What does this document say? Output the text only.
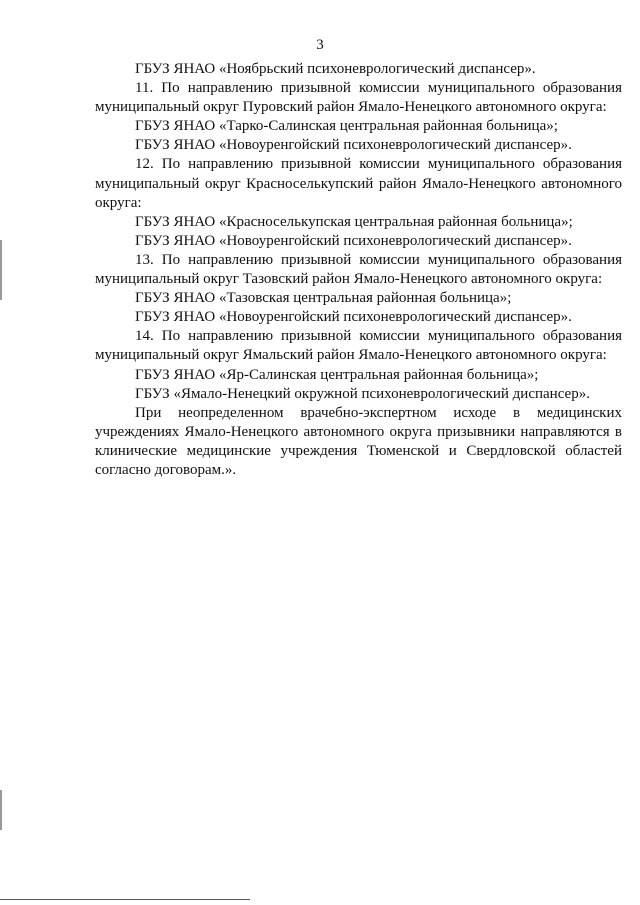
3

ГБУЗ ЯНАО «Ноябрьский психоневрологический диспансер».

11. По направлению призывной комиссии муниципального образования муниципальный округ Пуровский район Ямало-Ненецкого автономного округа:

ГБУЗ ЯНАО «Тарко-Салинская центральная районная больница»;

ГБУЗ ЯНАО «Новоуренгойский психоневрологический диспансер».

12. По направлению призывной комиссии муниципального образования муниципальный округ Красноселькупский район Ямало-Ненецкого автономного округа:

ГБУЗ ЯНАО «Красноселькупская центральная районная больница»;

ГБУЗ ЯНАО «Новоуренгойский психоневрологический диспансер».

13. По направлению призывной комиссии муниципального образования муниципальный округ Тазовский район Ямало-Ненецкого автономного округа:

ГБУЗ ЯНАО «Тазовская центральная районная больница»;

ГБУЗ ЯНАО «Новоуренгойский психоневрологический диспансер».

14. По направлению призывной комиссии муниципального образования муниципальный округ Ямальский район Ямало-Ненецкого автономного округа:

ГБУЗ ЯНАО «Яр-Салинская центральная районная больница»;

ГБУЗ «Ямало-Ненецкий окружной психоневрологический диспансер».

При неопределенном врачебно-экспертном исходе в медицинских учреждениях Ямало-Ненецкого автономного округа призывники направляются в клинические медицинские учреждения Тюменской и Свердловской областей согласно договорам.».
